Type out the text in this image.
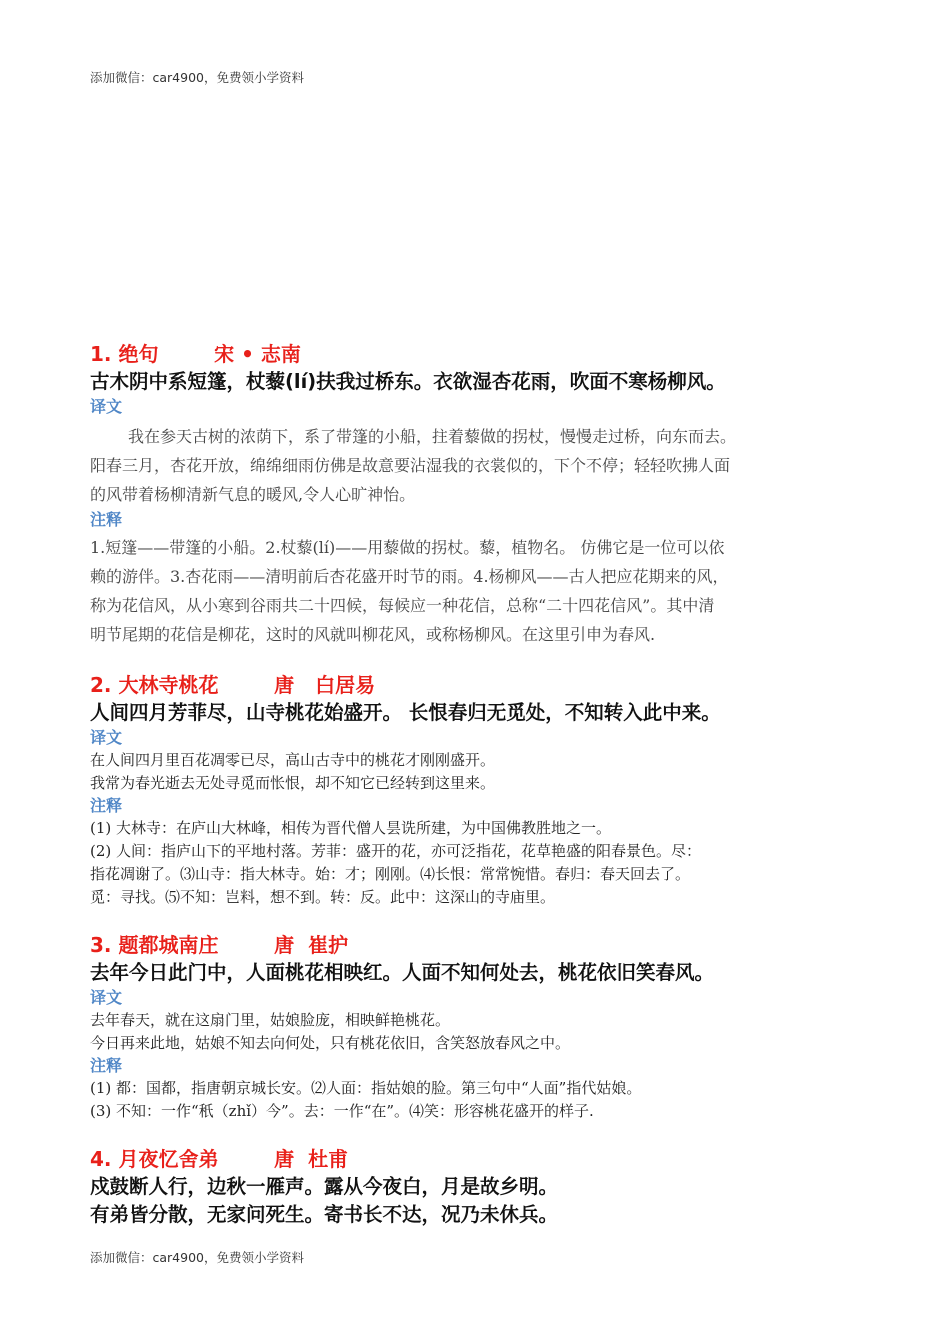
添加微信：car4900，免费领小学资料
1. 绝句        宋 • 志南
古木阴中系短篷，杖藜(lí)扶我过桥东。衣欲湿杏花雨，吹面不寒杨柳风。
译文

我在参天古树的浓荫下，系了带篷的小船，拄着藜做的拐杖，慢慢走过桥，向东而去。

阳春三月，杏花开放，绵绵细雨仿佛是故意要沾湿我的衣裳似的，下个不停；轻轻吹拂人面

的风带着杨柳清新气息的暖风,令人心旷神怡。

注释

1.短篷——带篷的小船。2.杖藜(lí)——用藜做的拐杖。藜，植物名。 仿佛它是一位可以依

赖的游伴。3.杏花雨——清明前后杏花盛开时节的雨。4.杨柳风——古人把应花期来的风，

称为花信风，从小寒到谷雨共二十四候，每候应一种花信，总称“二十四花信风”。其中清

明节尾期的花信是柳花，这时的风就叫柳花风，或称杨柳风。在这里引申为春风.

2. 大林寺桃花        唐   白居易
人间四月芳菲尽，山寺桃花始盛开。 长恨春归无觅处，不知转入此中来。
译文

在人间四月里百花凋零已尽，高山古寺中的桃花才刚刚盛开。

我常为春光逝去无处寻觅而怅恨，却不知它已经转到这里来。

注释

(1) 大林寺：在庐山大林峰，相传为晋代僧人昙诜所建，为中国佛教胜地之一。

(2) 人间：指庐山下的平地村落。芳菲：盛开的花，亦可泛指花，花草艳盛的阳春景色。尽：

指花凋谢了。⑶山寺：指大林寺。始：才；刚刚。⑷长恨：常常惋惜。春归：春天回去了。

觅：寻找。⑸不知：岂料，想不到。转：反。此中：这深山的寺庙里。

3. 题都城南庄        唐  崔护
去年今日此门中，人面桃花相映红。人面不知何处去，桃花依旧笑春风。
译文

去年春天，就在这扇门里，姑娘脸庞，相映鲜艳桃花。

今日再来此地，姑娘不知去向何处，只有桃花依旧，含笑怒放春风之中。

注释

(1) 都：国都，指唐朝京城长安。⑵人面：指姑娘的脸。第三句中“人面”指代姑娘。

(3) 不知：一作“秖（zhǐ）今”。去：一作“在”。⑷笑：形容桃花盛开的样子.

4. 月夜忆舍弟        唐  杜甫
戍鼓断人行，边秋一雁声。露从今夜白，月是故乡明。
有弟皆分散，无家问死生。寄书长不达，况乃未休兵。
添加微信：car4900，免费领小学资料
